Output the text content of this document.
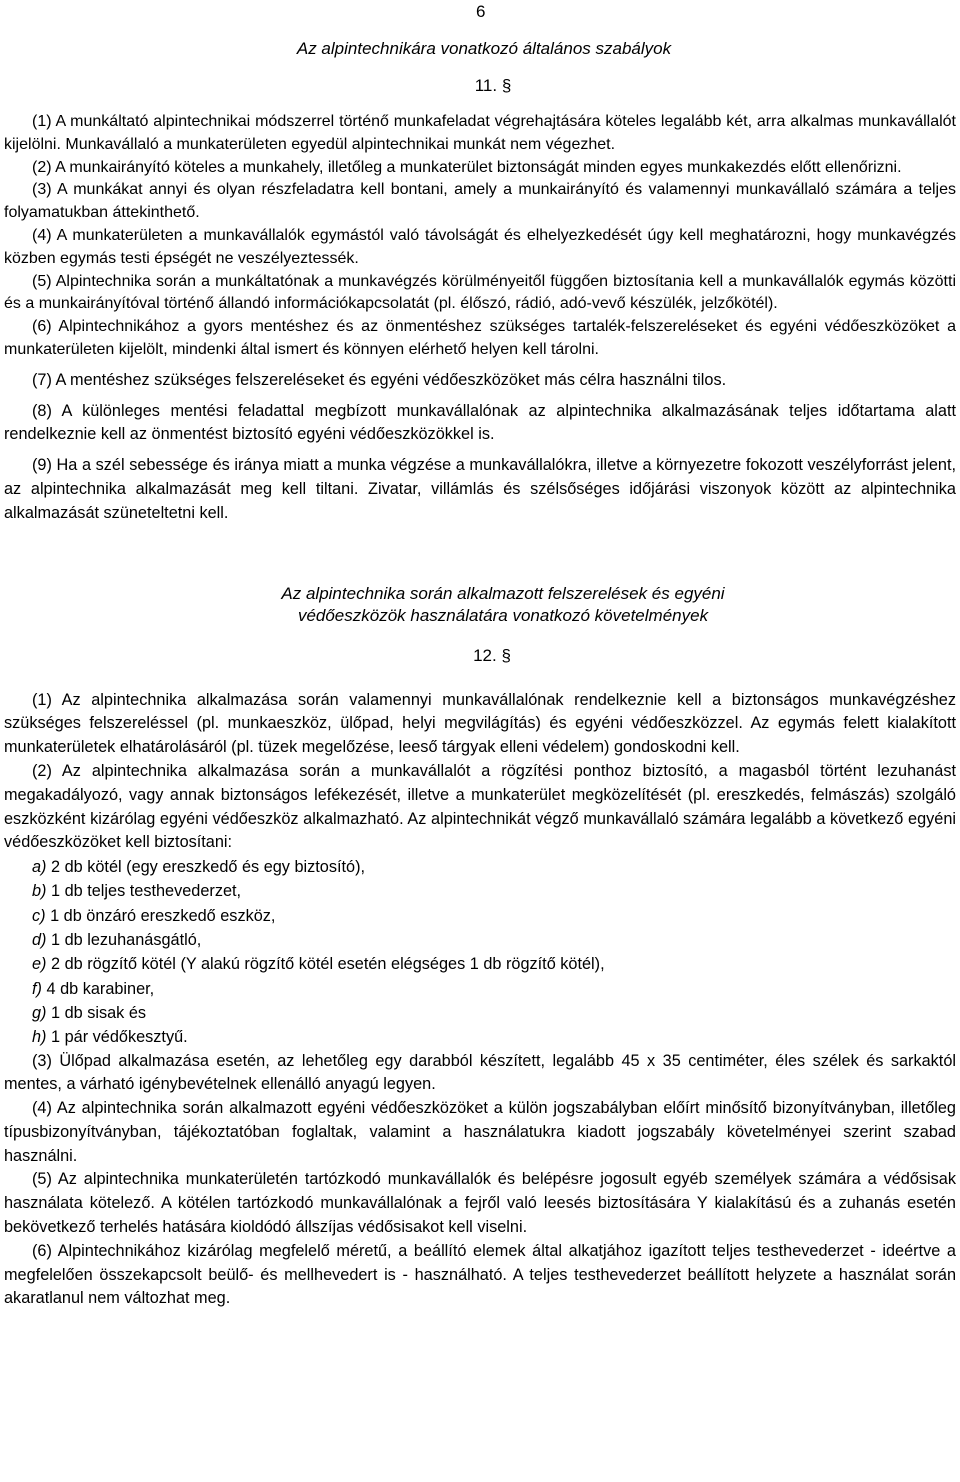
6
Az alpintechnikára vonatkozó általános szabályok
11. §

(1) A munkáltató alpintechnikai módszerrel történő munkafeladat végrehajtására köteles legalább két, arra alkalmas munkavállalót kijelölni. Munkavállaló a munkaterületen egyedül alpintechnikai munkát nem végezhet.

(2) A munkairányító köteles a munkahely, illetőleg a munkaterület biztonságát minden egyes munkakezdés előtt ellenőrizni.

(3) A munkákat annyi és olyan részfeladatra kell bontani, amely a munkairányító és valamennyi munkavállaló számára a teljes folyamatukban áttekinthető.

(4) A munkaterületen a munkavállalók egymástól való távolságát és elhelyezkedését úgy kell meghatározni, hogy munkavégzés közben egymás testi épségét ne veszélyeztessék.

(5) Alpintechnika során a munkáltatónak a munkavégzés körülményeitől függően biztosítania kell a munkavállalók egymás közötti és a munkairányítóval történő állandó információkapcsolatát (pl. élőszó, rádió, adó-vevő készülék, jelzőkötél).

(6) Alpintechnikához a gyors mentéshez és az önmentéshez szükséges tartalék-felszereléseket és egyéni védőeszközöket a munkaterületen kijelölt, mindenki által ismert és könnyen elérhető helyen kell tárolni.

(7) A mentéshez szükséges felszereléseket és egyéni védőeszközöket más célra használni tilos.

(8) A különleges mentési feladattal megbízott munkavállalónak az alpintechnika alkalmazásának teljes időtartama alatt rendelkeznie kell az önmentést biztosító egyéni védőeszközökkel is.

(9) Ha a szél sebessége és iránya miatt a munka végzése a munkavállalókra, illetve a környezetre fokozott veszélyforrást jelent, az alpintechnika alkalmazását meg kell tiltani. Zivatar, villámlás és szélsőséges időjárási viszonyok között az alpintechnika alkalmazását szüneteltetni kell.

Az alpintechnika során alkalmazott felszerelések és egyéni
védőeszközök használatára vonatkozó követelmények
12. §

(1) Az alpintechnika alkalmazása során valamennyi munkavállalónak rendelkeznie kell a biztonságos munkavégzéshez szükséges felszereléssel (pl. munkaeszköz, ülőpad, helyi megvilágítás) és egyéni védőeszközzel. Az egymás felett kialakított munkaterületek elhatárolásáról (pl. tüzek megelőzése, leeső tárgyak elleni védelem) gondoskodni kell.

(2) Az alpintechnika alkalmazása során a munkavállalót a rögzítési ponthoz biztosító, a magasból történt lezuhanást megakadályozó, vagy annak biztonságos lefékezését, illetve a munkaterület megközelítését (pl. ereszkedés, felmászás) szolgáló eszközként kizárólag egyéni védőeszköz alkalmazható. Az alpintechnikát végző munkavállaló számára legalább a következő egyéni védőeszközöket kell biztosítani:

a) 2 db kötél (egy ereszkedő és egy biztosító),
b) 1 db teljes testhevederzet,
c) 1 db önzáró ereszkedő eszköz,
d) 1 db lezuhanásgátló,
e) 2 db rögzítő kötél (Y alakú rögzítő kötél esetén elégséges 1 db rögzítő kötél),
f) 4 db karabiner,
g) 1 db sisak és
h) 1 pár védőkesztyű.

(3) Ülőpad alkalmazása esetén, az lehetőleg egy darabból készített, legalább 45 x 35 centiméter, éles szélek és sarkaktól mentes, a várható igénybevételnek ellenálló anyagú legyen.

(4) Az alpintechnika során alkalmazott egyéni védőeszközöket a külön jogszabályban előírt minősítő bizonyítványban, illetőleg típusbizonyítványban, tájékoztatóban foglaltak, valamint a használatukra kiadott jogszabály követelményei szerint szabad használni.

(5) Az alpintechnika munkaterületén tartózkodó munkavállalók és belépésre jogosult egyéb személyek számára a védősisak használata kötelező. A kötélen tartózkodó munkavállalónak a fejről való leesés biztosítására Y kialakítású és a zuhanás esetén bekövetkező terhelés hatására kioldódó állszíjas védősisakot kell viselni.

(6) Alpintechnikához kizárólag megfelelő méretű, a beállító elemek által alkatjához igazított teljes testhevederzet - ideértve a megfelelően összekapcsolt beülő- és mellhevedert is - használható. A teljes testhevederzet beállított helyzete a használat során akaratlanul nem változhat meg.
